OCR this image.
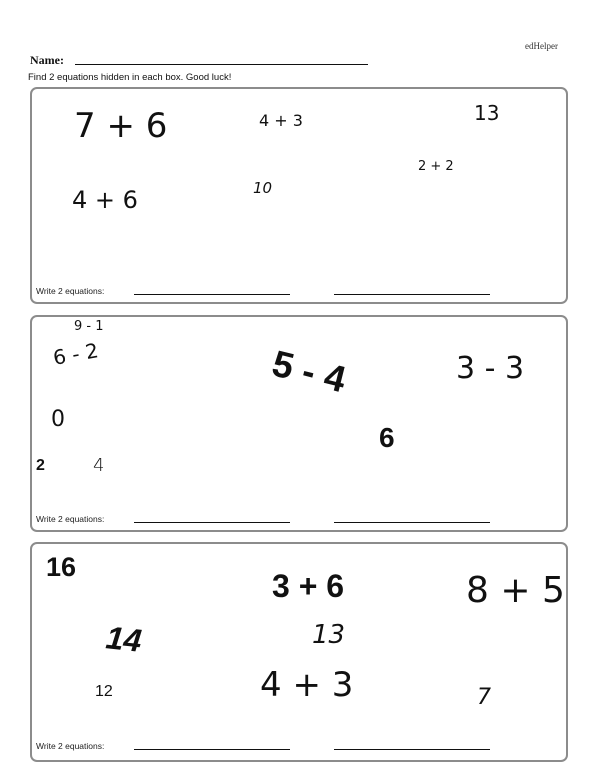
edHelper
Name:
Find 2 equations hidden in each box. Good luck!
7 + 6	4 + 3	13
2 + 2
4 + 6	10
Write 2 equations:
9 - 1
6 - 2	5 - 4	3 - 3
0
6
2	4
Write 2 equations:
16
3 + 6	8 + 5
14	13
12	4 + 3	7
Write 2 equations:
